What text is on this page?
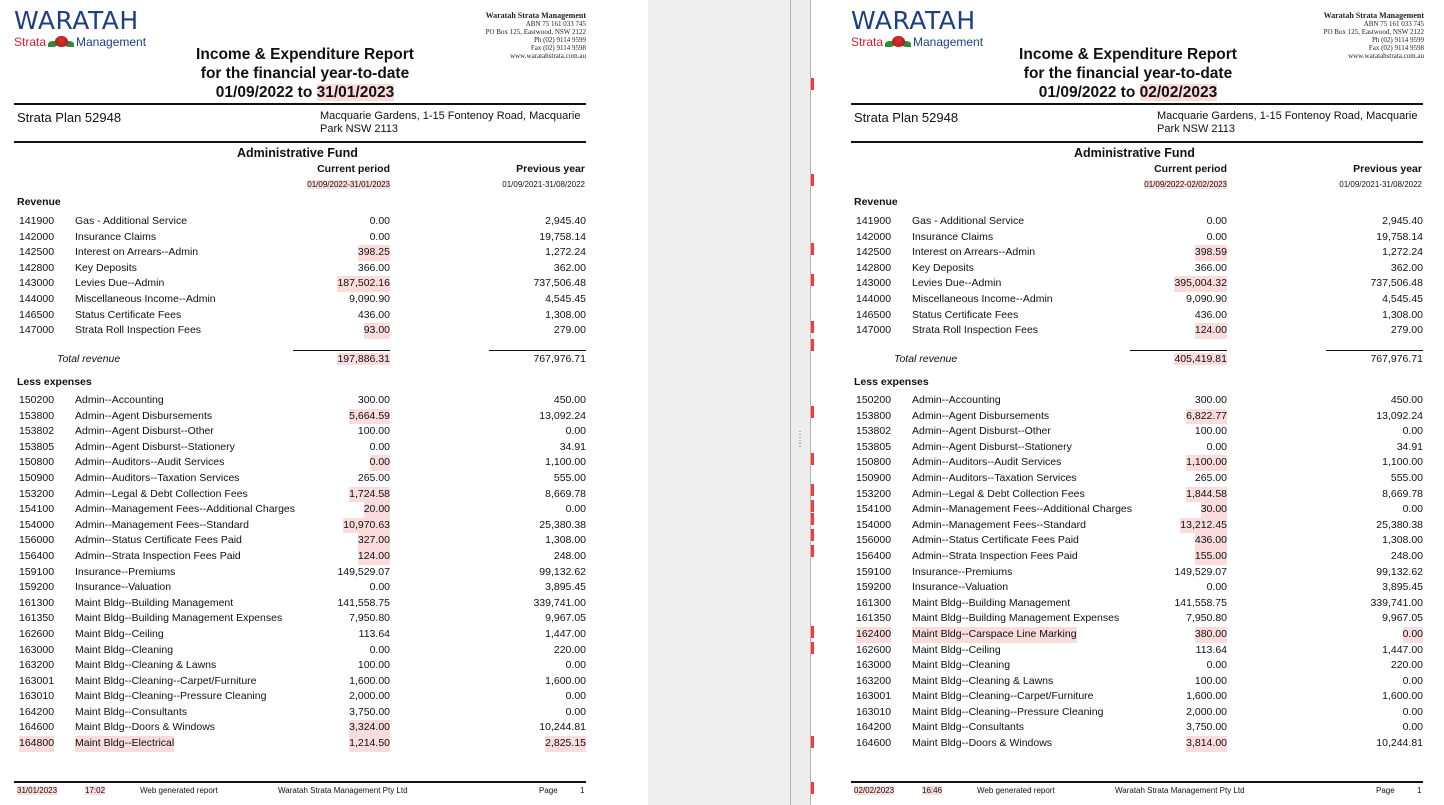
WARATAH
Strata	Management
Waratah Strata Management
ABN 75 161 033 745
PO Box 125, Eastwood, NSW 2122
Ph (02) 9114 9599
Fax (02) 9114 9598
www.waratahstrata.com.au
Income & Expenditure Report
for the financial year-to-date
01/09/2022 to 31/01/2023
Strata Plan 52948	Macquarie Gardens, 1-15 Fontenoy Road, Macquarie Park NSW 2113
Administrative Fund
Current period	Previous year
01/09/2022-31/01/2023	01/09/2021-31/08/2022
Revenue
141900 Gas - Additional Service	0.00	2,945.40
142000 Insurance Claims	0.00	19,758.14
142500 Interest on Arrears--Admin	398.25	1,272.24
142800 Key Deposits	366.00	362.00
143000 Levies Due--Admin	187,502.16	737,506.48
144000 Miscellaneous Income--Admin	9,090.90	4,545.45
146500 Status Certificate Fees	436.00	1,308.00
147000 Strata Roll Inspection Fees	93.00	279.00
Total revenue	197,886.31	767,976.71
Less expenses
150200 Admin--Accounting	300.00	450.00
153800 Admin--Agent Disbursements	5,664.59	13,092.24
153802 Admin--Agent Disburst--Other	100.00	0.00
153805 Admin--Agent Disburst--Stationery	0.00	34.91
150800 Admin--Auditors--Audit Services	0.00	1,100.00
150900 Admin--Auditors--Taxation Services	265.00	555.00
153200 Admin--Legal & Debt Collection Fees	1,724.58	8,669.78
154100 Admin--Management Fees--Additional Charges	20.00	0.00
154000 Admin--Management Fees--Standard	10,970.63	25,380.38
156000 Admin--Status Certificate Fees Paid	327.00	1,308.00
156400 Admin--Strata Inspection Fees Paid	124.00	248.00
159100 Insurance--Premiums	149,529.07	99,132.62
159200 Insurance--Valuation	0.00	3,895.45
161300 Maint Bldg--Building Management	141,558.75	339,741.00
161350 Maint Bldg--Building Management Expenses	7,950.80	9,967.05
162600 Maint Bldg--Ceiling	113.64	1,447.00
163000 Maint Bldg--Cleaning	0.00	220.00
163200 Maint Bldg--Cleaning & Lawns	100.00	0.00
163001 Maint Bldg--Cleaning--Carpet/Furniture	1,600.00	1,600.00
163010 Maint Bldg--Cleaning--Pressure Cleaning	2,000.00	0.00
164200 Maint Bldg--Consultants	3,750.00	0.00
164600 Maint Bldg--Doors & Windows	3,324.00	10,244.81
164800 Maint Bldg--Electrical	1,214.50	2,825.15
31/01/2023	17:02	Web generated report	Waratah Strata Management Pty Ltd	Page	1
WARATAH
Strata	Management
Waratah Strata Management
ABN 75 161 033 745
PO Box 125, Eastwood, NSW 2122
Ph (02) 9114 9599
Fax (02) 9114 9598
www.waratahstrata.com.au
Income & Expenditure Report
for the financial year-to-date
01/09/2022 to 02/02/2023
Strata Plan 52948	Macquarie Gardens, 1-15 Fontenoy Road, Macquarie Park NSW 2113
Administrative Fund
Current period	Previous year
01/09/2022-02/02/2023	01/09/2021-31/08/2022
Revenue
141900 Gas - Additional Service	0.00	2,945.40
142000 Insurance Claims	0.00	19,758.14
142500 Interest on Arrears--Admin	398.59	1,272.24
142800 Key Deposits	366.00	362.00
143000 Levies Due--Admin	395,004.32	737,506.48
144000 Miscellaneous Income--Admin	9,090.90	4,545.45
146500 Status Certificate Fees	436.00	1,308.00
147000 Strata Roll Inspection Fees	124.00	279.00
Total revenue	405,419.81	767,976.71
Less expenses
150200 Admin--Accounting	300.00	450.00
153800 Admin--Agent Disbursements	6,822.77	13,092.24
153802 Admin--Agent Disburst--Other	100.00	0.00
153805 Admin--Agent Disburst--Stationery	0.00	34.91
150800 Admin--Auditors--Audit Services	1,100.00	1,100.00
150900 Admin--Auditors--Taxation Services	265.00	555.00
153200 Admin--Legal & Debt Collection Fees	1,844.58	8,669.78
154100 Admin--Management Fees--Additional Charges	30.00	0.00
154000 Admin--Management Fees--Standard	13,212.45	25,380.38
156000 Admin--Status Certificate Fees Paid	436.00	1,308.00
156400 Admin--Strata Inspection Fees Paid	155.00	248.00
159100 Insurance--Premiums	149,529.07	99,132.62
159200 Insurance--Valuation	0.00	3,895.45
161300 Maint Bldg--Building Management	141,558.75	339,741.00
161350 Maint Bldg--Building Management Expenses	7,950.80	9,967.05
162400 Maint Bldg--Carspace Line Marking	380.00	0.00
162600 Maint Bldg--Ceiling	113.64	1,447.00
163000 Maint Bldg--Cleaning	0.00	220.00
163200 Maint Bldg--Cleaning & Lawns	100.00	0.00
163001 Maint Bldg--Cleaning--Carpet/Furniture	1,600.00	1,600.00
163010 Maint Bldg--Cleaning--Pressure Cleaning	2,000.00	0.00
164200 Maint Bldg--Consultants	3,750.00	0.00
164600 Maint Bldg--Doors & Windows	3,814.00	10,244.81
02/02/2023	16:46	Web generated report	Waratah Strata Management Pty Ltd	Page	1
